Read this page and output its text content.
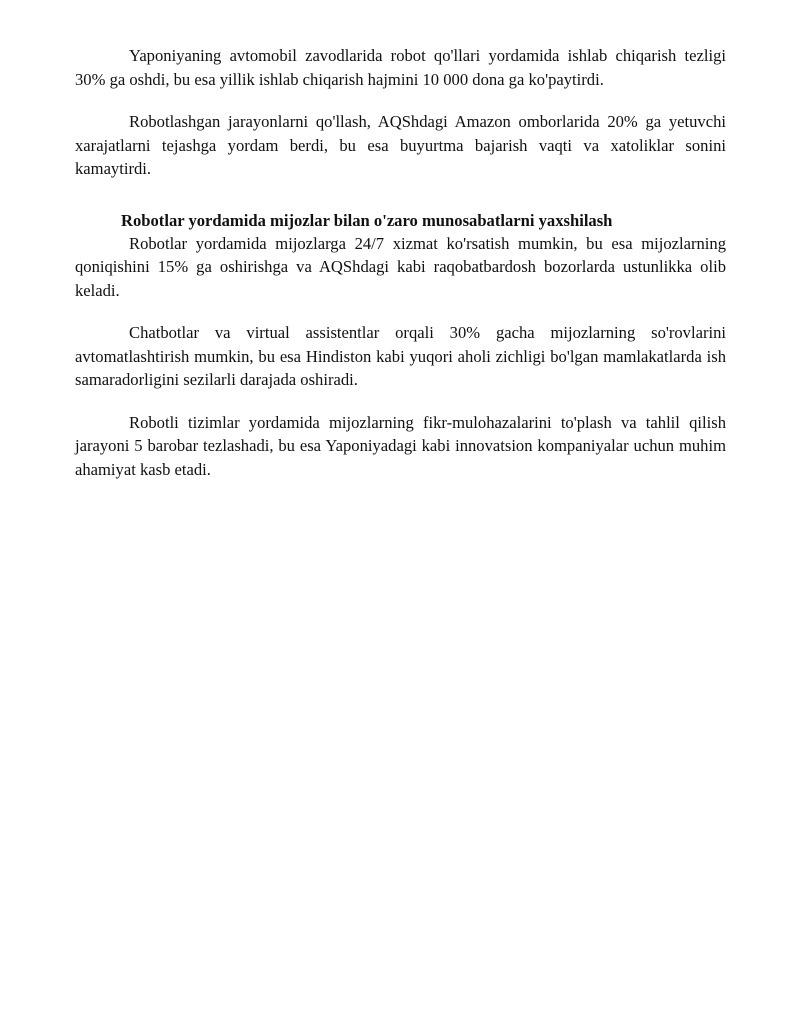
Yaponiyaning avtomobil zavodlarida robot qo'llari yordamida ishlab chiqarish tezligi 30% ga oshdi, bu esa yillik ishlab chiqarish hajmini 10 000 dona ga ko'paytirdi.

Robotlashgan jarayonlarni qo'llash, AQShdagi Amazon omborlarida 20% ga yetuvchi xarajatlarni tejashga yordam berdi, bu esa buyurtma bajarish vaqti va xatoliklar sonini kamaytirdi.

Robotlar yordamida mijozlar bilan o'zaro munosabatlarni yaxshilash

Robotlar yordamida mijozlarga 24/7 xizmat ko'rsatish mumkin, bu esa mijozlarning qoniqishini 15% ga oshirishga va AQShdagi kabi raqobatbardosh bozorlarda ustunlikka olib keladi.

Chatbotlar va virtual assistentlar orqali 30% gacha mijozlarning so'rovlarini avtomatlashtirish mumkin, bu esa Hindiston kabi yuqori aholi zichligi bo'lgan mamlakatlarda ish samaradorligini sezilarli darajada oshiradi.

Robotli tizimlar yordamida mijozlarning fikr-mulohazalarini to'plash va tahlil qilish jarayoni 5 barobar tezlashadi, bu esa Yaponiyadagi kabi innovatsion kompaniyalar uchun muhim ahamiyat kasb etadi.
